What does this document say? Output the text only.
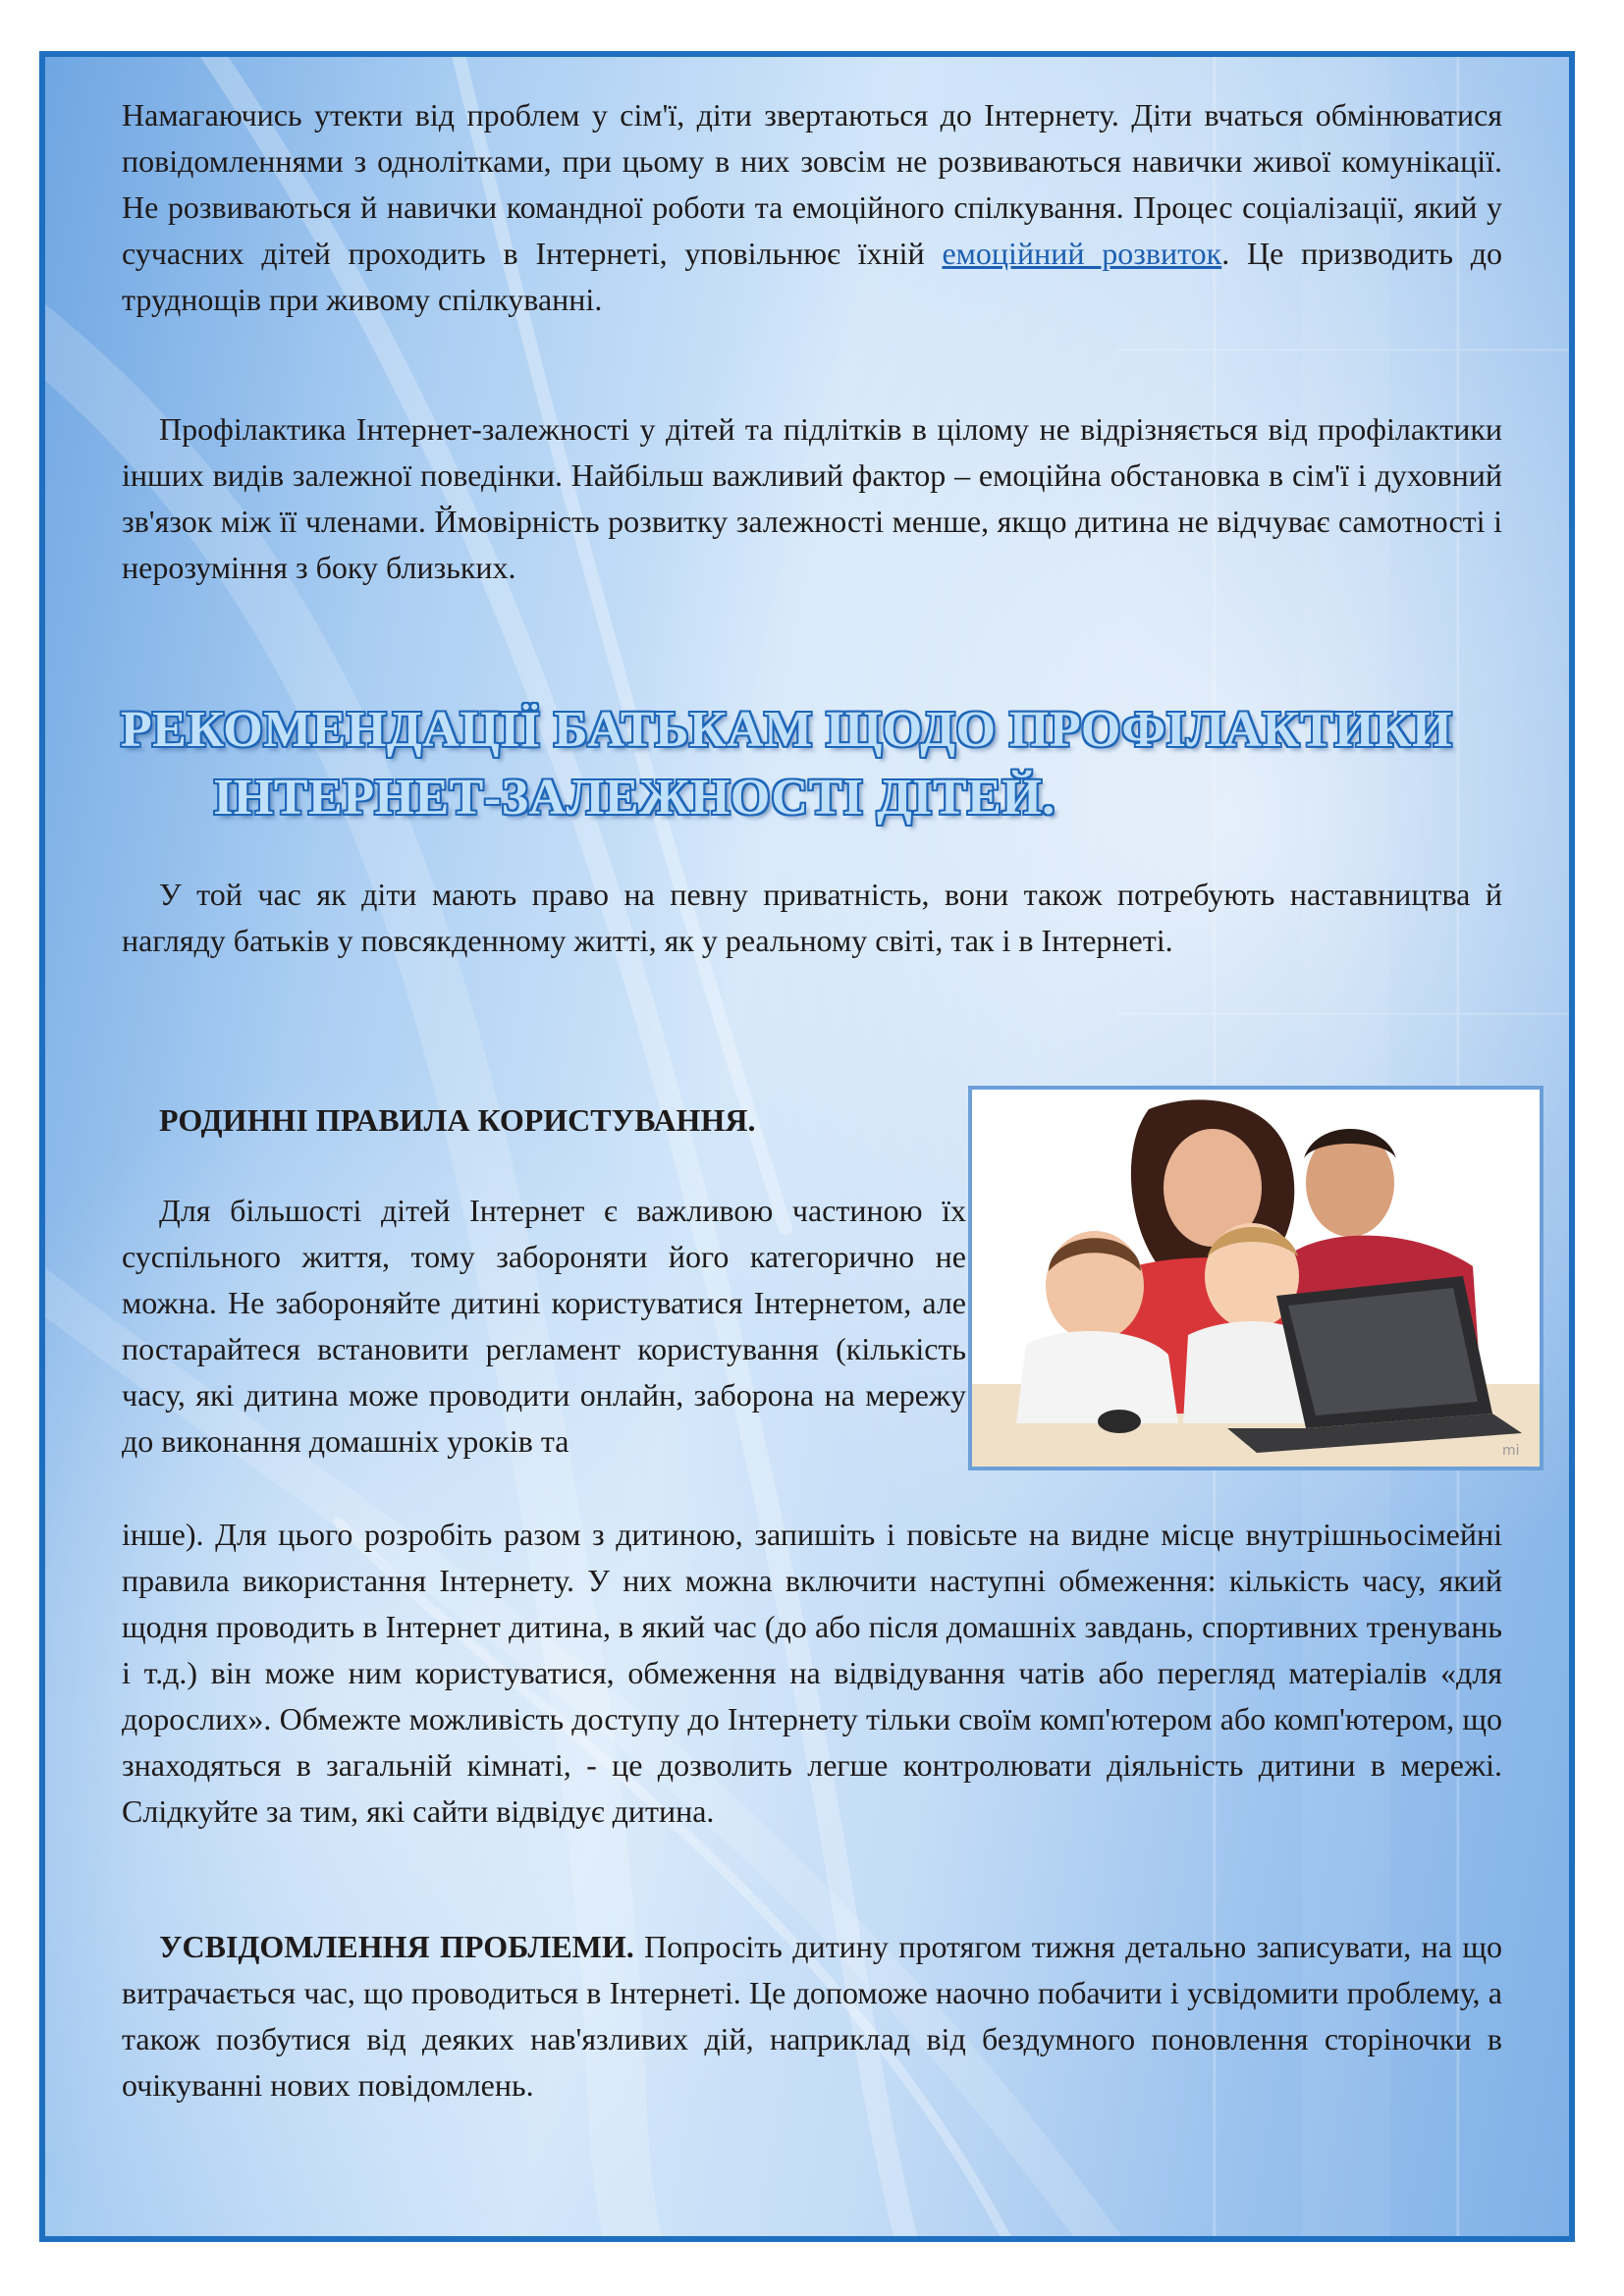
Намагаючись утекти від проблем у сім'ї, діти звертаються до Інтернету. Діти вчаться обмінюватися повідомленнями з однолітками, при цьому в них зовсім не розвиваються навички живої комунікації. Не розвиваються й навички командної роботи та емоційного спілкування. Процес соціалізації, який у сучасних дітей проходить в Інтернеті, уповільнює їхній емоційний розвиток. Це призводить до труднощів при живому спілкуванні.

Профілактика Інтернет-залежності у дітей та підлітків в цілому не відрізняється від профілактики інших видів залежної поведінки. Найбільш важливий фактор – емоційна обстановка в сім'ї і духовний зв'язок між її членами. Ймовірність розвитку залежності менше, якщо дитина не відчуває самотності і нерозуміння з боку близьких.

РЕКОМЕНДАЦІЇ БАТЬКАМ ЩОДО ПРОФІЛАКТИКИ
ІНТЕРНЕТ-ЗАЛЕЖНОСТІ ДІТЕЙ.

У той час як діти мають право на певну приватність, вони також потребують наставництва й нагляду батьків у повсякденному житті, як у реальному світі, так і в Інтернеті.

РОДИННІ ПРАВИЛА КОРИСТУВАННЯ.

Для більшості дітей Інтернет є важливою частиною їх суспільного життя, тому забороняти його категорично не можна. Не забороняйте дитині користуватися Інтернетом, але постарайтеся встановити регламент користування (кількість часу, які дитина може проводити онлайн, заборона на мережу до виконання домашніх уроків та

інше). Для цього розробіть разом з дитиною, запишіть і повісьте на видне місце внутрішньосімейні правила використання Інтернету. У них можна включити наступні обмеження: кількість часу, який щодня проводить в Інтернет дитина, в який час (до або після домашніх завдань, спортивних тренувань і т.д.) він може ним користуватися, обмеження на відвідування чатів або перегляд матеріалів «для дорослих». Обмежте можливість доступу до Інтернету тільки своїм комп'ютером або комп'ютером, що знаходяться в загальній кімнаті, - це дозволить легше контролювати діяльність дитини в мережі. Слідкуйте за тим, які сайти відвідує дитина.

УСВІДОМЛЕННЯ ПРОБЛЕМИ. Попросіть дитину протягом тижня детально записувати, на що витрачається час, що проводиться в Інтернеті. Це допоможе наочно побачити і усвідомити проблему, а також позбутися від деяких нав'язливих дій, наприклад від бездумного поновлення сторіночки в очікуванні нових повідомлень.

mi
